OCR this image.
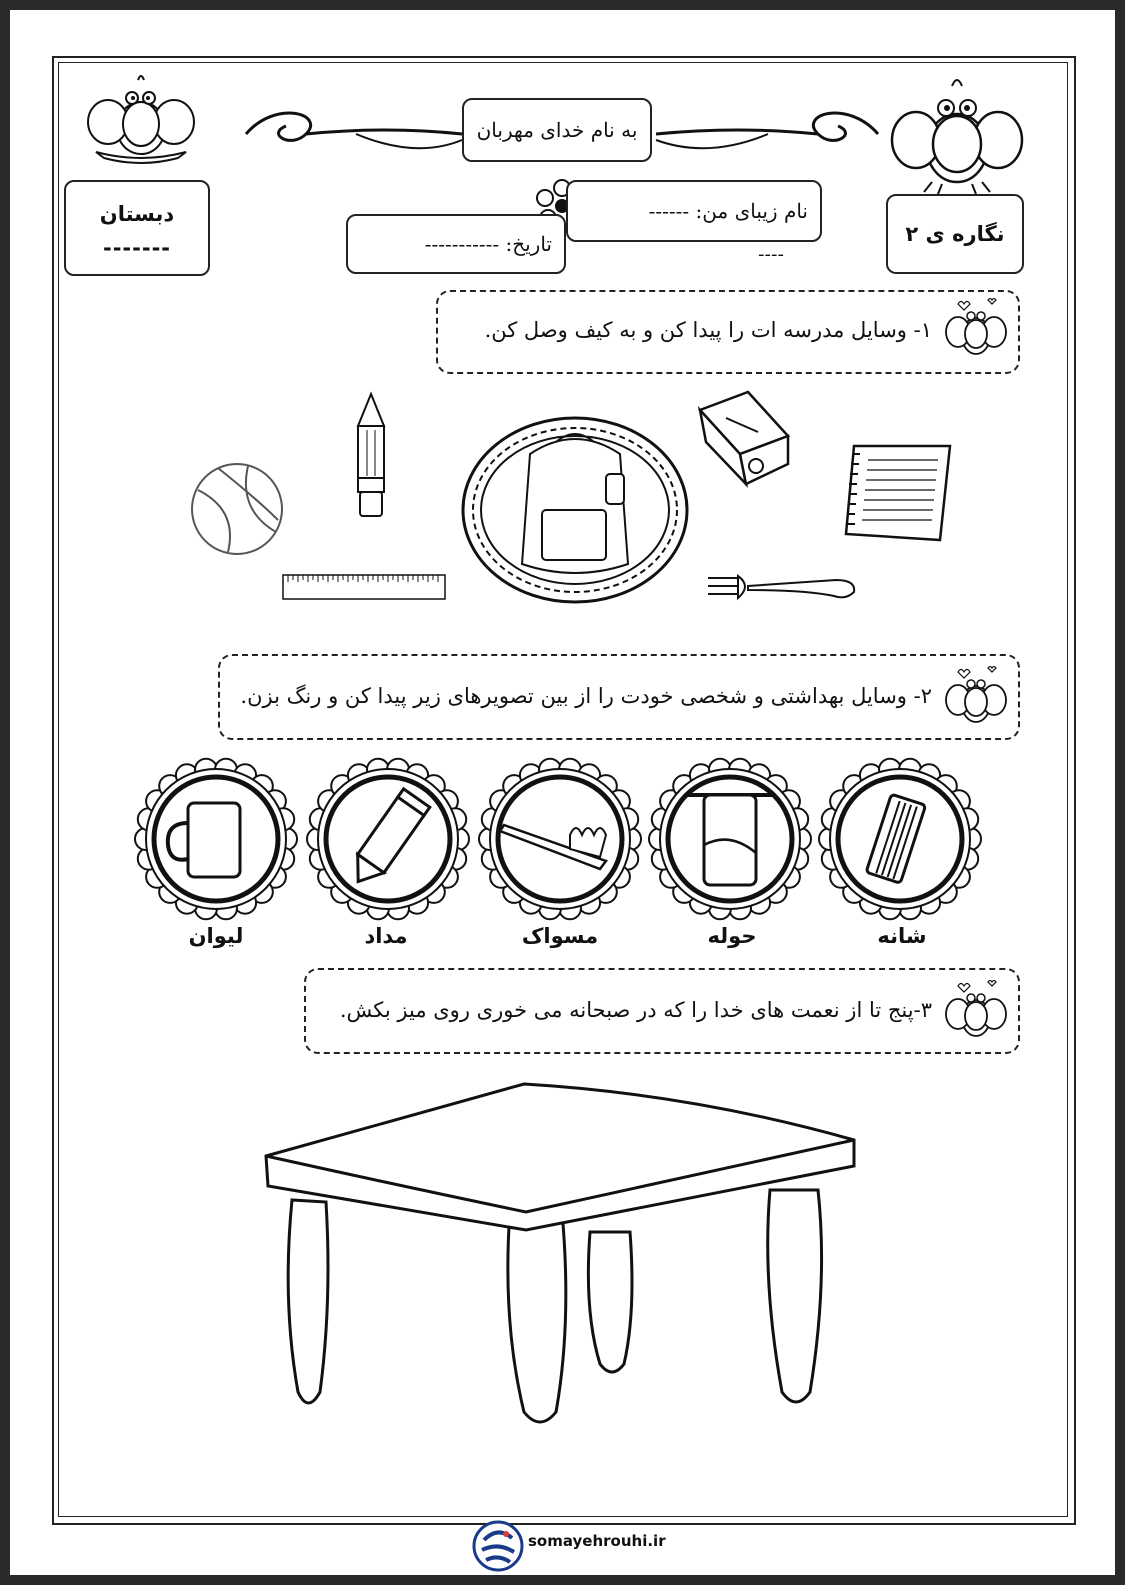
به نام خدای مهربان
دبستان
-------
نگاره ی ۲
نام زیبای من: ------
----
تاریخ: -----------
۱- وسایل مدرسه ات را پیدا کن و به کیف وصل کن.
۲- وسایل بهداشتی و شخصی خودت را از بین تصویرهای زیر پیدا کن و رنگ بزن.
شانه
حوله
مسواک
مداد
لیوان
۳-پنج تا از نعمت های خدا را که در صبحانه می خوری روی میز بکش.
somayehrouhi.ir
